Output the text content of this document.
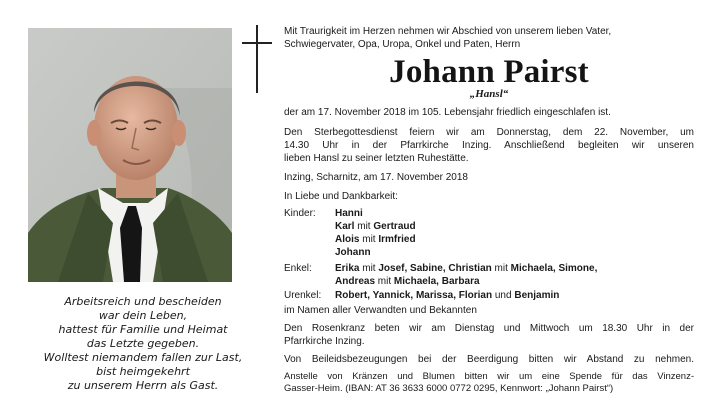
Arbeitsreich und bescheiden
war dein Leben,
hattest für Familie und Heimat
das Letzte gegeben.
Wolltest niemandem fallen zur Last,
bist heimgekehrt
zu unserem Herrn als Gast.
Mit Traurigkeit im Herzen nehmen wir Abschied von unserem lieben Vater,
Schwiegervater, Opa, Uropa, Onkel und Paten, Herrn
Johann Pairst
„Hansl“
der am 17. November 2018 im 105. Lebensjahr friedlich eingeschlafen ist.
Den Sterbegottesdienst feiern wir am Donnerstag, dem 22. November, um
14.30 Uhr in der Pfarrkirche Inzing. Anschließend begleiten wir unseren
lieben Hansl zu seiner letzten Ruhestätte.
Inzing, Scharnitz, am 17. November 2018
In Liebe und Dankbarkeit:
Kinder: Hanni
Karl mit Gertraud
Alois mit Irmfried
Johann
Enkel: Erika mit Josef, Sabine, Christian mit Michaela, Simone,
Andreas mit Michaela, Barbara
Urenkel: Robert, Yannick, Marissa, Florian und Benjamin
im Namen aller Verwandten und Bekannten
Den Rosenkranz beten wir am Dienstag und Mittwoch um 18.30 Uhr in der
Pfarrkirche Inzing.
Von Beileidsbezeugungen bei der Beerdigung bitten wir Abstand zu nehmen.
Anstelle von Kränzen und Blumen bitten wir um eine Spende für das Vinzenz-
Gasser-Heim. (IBAN: AT 36 3633 6000 0772 0295, Kennwort: „Johann Pairst“)
